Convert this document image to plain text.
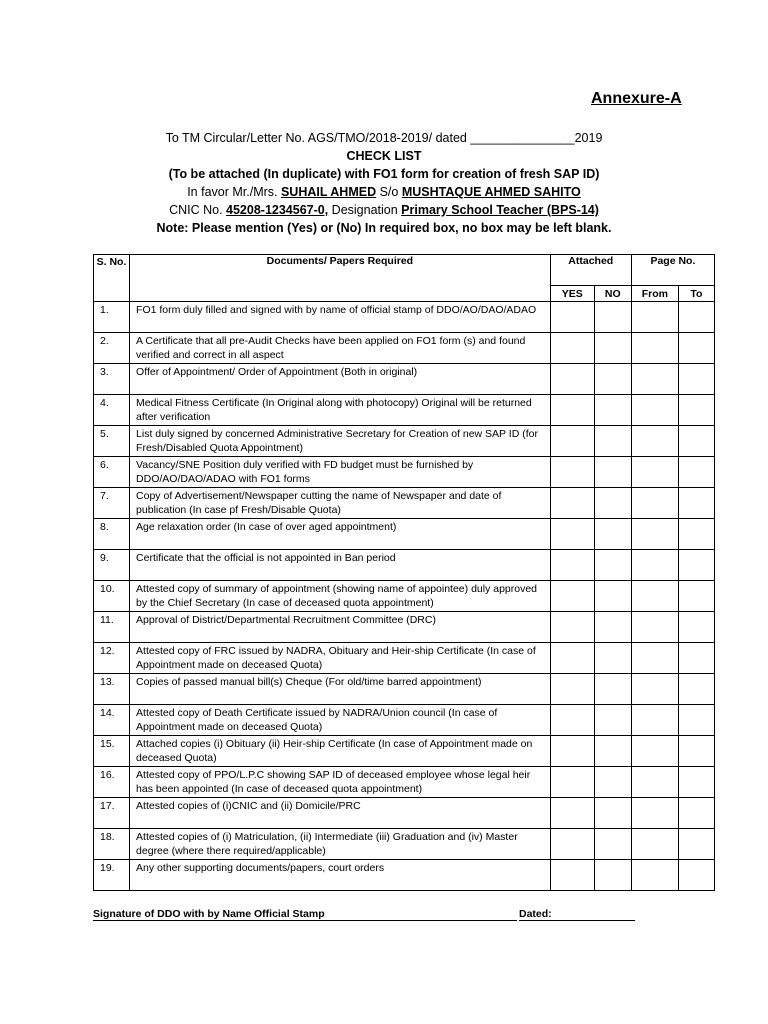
Annexure-A
To TM Circular/Letter No. AGS/TMO/2018-2019/ dated _______________2019
CHECK LIST
(To be attached (In duplicate) with FO1 form for creation of fresh SAP ID)
In favor Mr./Mrs. SUHAIL AHMED S/o MUSHTAQUE AHMED SAHITO
CNIC No. 45208-1234567-0, Designation Primary School Teacher (BPS-14)
Note: Please mention (Yes) or (No) In required box, no box may be left blank.
S. No.	Documents/ Papers Required	Attached		Page No.	
		YES	NO	From	To
1.	FO1 form duly filled and signed with by name of official stamp of DDO/AO/DAO/ADAO				
2.	A Certificate that all pre-Audit Checks have been applied on FO1 form (s) and found verified and correct in all aspect				
3.	Offer of Appointment/ Order of Appointment (Both in original)				
4.	Medical Fitness Certificate (In Original along with photocopy) Original will be returned after verification				
5.	List duly signed by concerned Administrative Secretary for Creation of new SAP ID (for Fresh/Disabled Quota Appointment)				
6.	Vacancy/SNE Position duly verified with FD budget must be furnished by DDO/AO/DAO/ADAO with FO1 forms				
7.	Copy of Advertisement/Newspaper cutting the name of Newspaper and date of publication (In case pf Fresh/Disable Quota)				
8.	Age relaxation order (In case of over aged appointment)				
9.	Certificate that the official is not appointed in Ban period				
10.	Attested copy of summary of appointment (showing name of appointee) duly approved by the Chief Secretary (In case of deceased quota appointment)				
11.	Approval of District/Departmental Recruitment Committee (DRC)				
12.	Attested copy of FRC issued by NADRA, Obituary and Heir-ship Certificate (In case of Appointment made on deceased Quota)				
13.	Copies of passed manual bill(s) Cheque (For old/time barred appointment)				
14.	Attested copy of Death Certificate issued by NADRA/Union council (In case of Appointment made on deceased Quota)				
15.	Attached copies (i) Obituary (ii) Heir-ship Certificate (In case of Appointment made on deceased Quota)				
16.	Attested copy of PPO/L.P.C showing SAP ID of deceased employee whose legal heir has been appointed (In case of deceased quota appointment)				
17.	Attested copies of (i)CNIC and (ii) Domicile/PRC				
18.	Attested copies of (i) Matriculation, (ii) Intermediate (iii) Graduation and (iv) Master degree (where there required/applicable)				
19.	Any other supporting documents/papers, court orders				
Signature of DDO with by Name Official Stamp	Dated:
